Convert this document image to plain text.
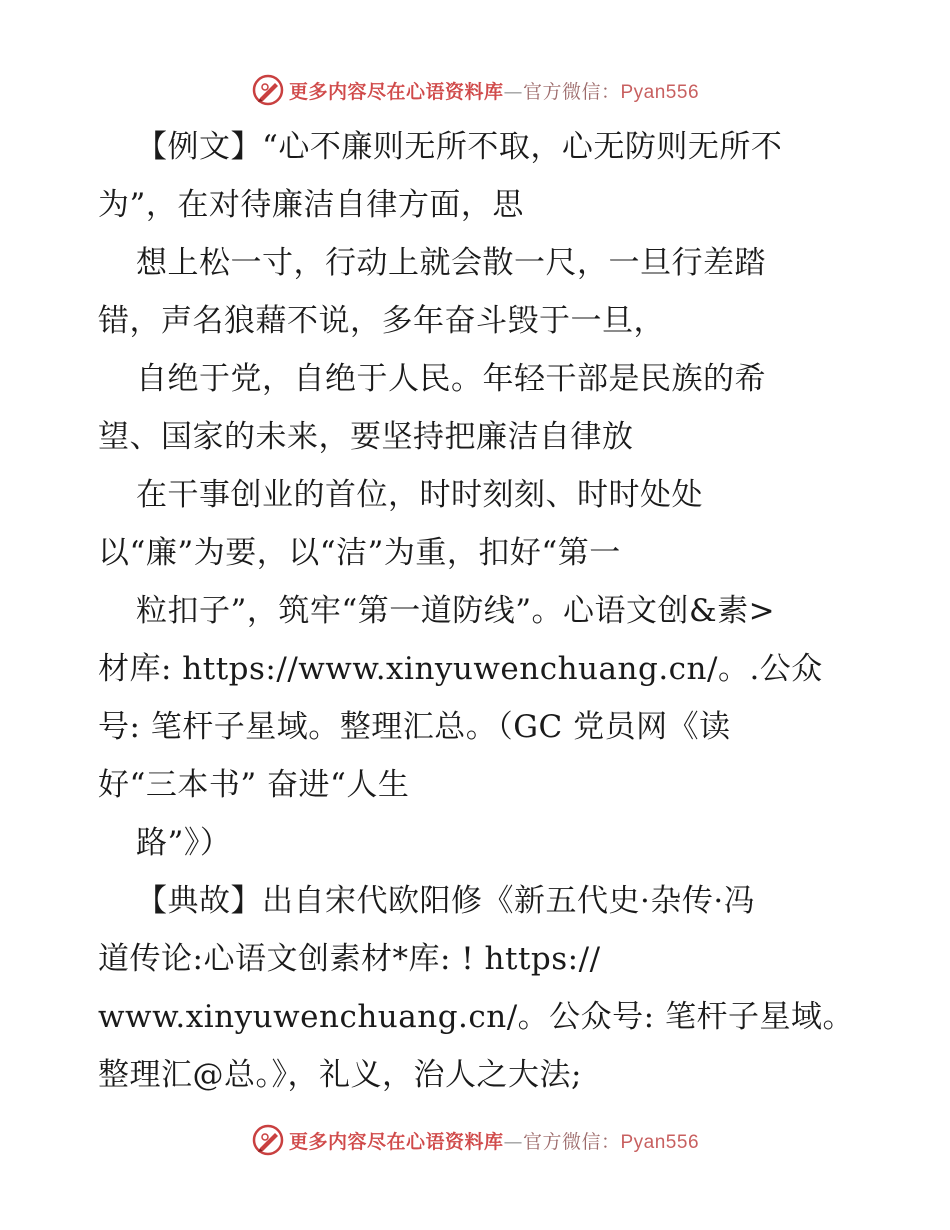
更多内容尽在心语资料库—官方微信：Pyan556
【例文】“心不廉则无所不取，心无防则无所不
为”，在对待廉洁自律方面，思
想上松一寸，行动上就会散一尺，一旦行差踏
错，声名狼藉不说，多年奋斗毁于一旦，
自绝于党，自绝于人民。年轻干部是民族的希
望、国家的未来，要坚持把廉洁自律放
在干事创业的首位，时时刻刻、时时处处
以“廉”为要，以“洁”为重，扣好“第一
粒扣子”，筑牢“第一道防线”。心语文创&素>
材库: https://www.xinyuwenchuang.cn/。.公众
号: 笔杆子星域。整理汇总。（GC 党员网《读
好“三本书” 奋进“人生
路”》）
【典故】出自宋代欧阳修《新五代史·杂传·冯
道传论:心语文创素材*库: ! https://
www.xinyuwenchuang.cn/。公众号: 笔杆子星域。
整理汇@总。》，礼义，治人之大法;
更多内容尽在心语资料库—官方微信：Pyan556
